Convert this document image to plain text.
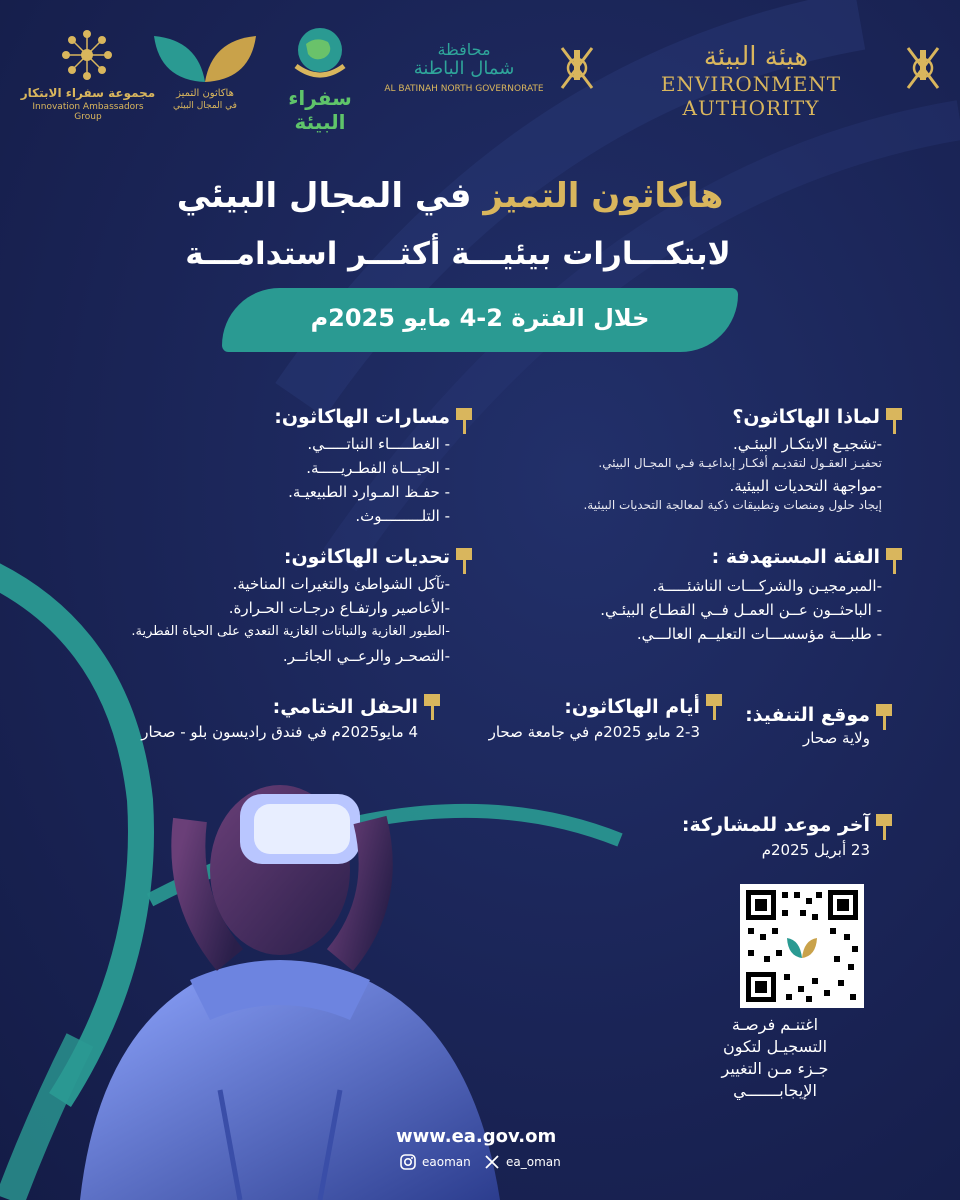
هيئة البيئة
ENVIRONMENT AUTHORITY
محافظة
شمال الباطنة
AL BATINAH NORTH GOVERNORATE
سفراء البيئة
هاكاثون التميز
في المجال البيئي
مجموعة سفراء الابتكار
Innovation Ambassadors Group
هاكاثون التميز في المجال البيئي
لابتكـــارات بيئيـــة أكثـــر استدامـــة
خلال الفترة 2-4 مايو 2025م
لماذا الهاكاثون؟
-تشجيـع الابتكـار البيئـي.
تحفيـز العقـول لتقديـم أفكـار إبداعيـة فـي المجـال البيئي.
-مواجهة التحديات البيئية.
إيجاد حلول ومنصات وتطبيقات ذكية لمعالجة التحديات البيئية.
مسارات الهاكاثون:
- الغطـــــاء النباتـــــي.
- الحيـــاة الفطـريـــــة.
- حفـظ المـوارد الطبيعيـة.
- التلـــــــــوث.
الفئة المستهدفة :
-المبرمجيـن والشركـــات الناشئـــــة.
- الباحثــون عــن العمـل فــي القطـاع البيئـي.
- طلبـــة مؤسســـات التعليــم العالـــي.
تحديات الهاكاثون:
-تآكل الشواطئ والتغيرات المناخية.
-الأعاصير وارتفـاع درجـات الحـرارة.
-الطيور الغازية والنباتات الغازية التعدي على الحياة الفطرية.
-التصحـر والرعــي الجائــر.
موقع التنفيذ:
ولاية صحار
أيام الهاكاثون:
2-3 مايو 2025م في جامعة صحار
الحفل الختامي:
4 مايو2025م في فندق راديسون بلو - صحار
آخر موعد للمشاركة:
23 أبريل 2025م
اغتنـم فرصـة
التسجيـل لتكون
جـزء مـن التغيير
الإيجابـــــــي
www.ea.gov.om
eaoman	ea_oman
